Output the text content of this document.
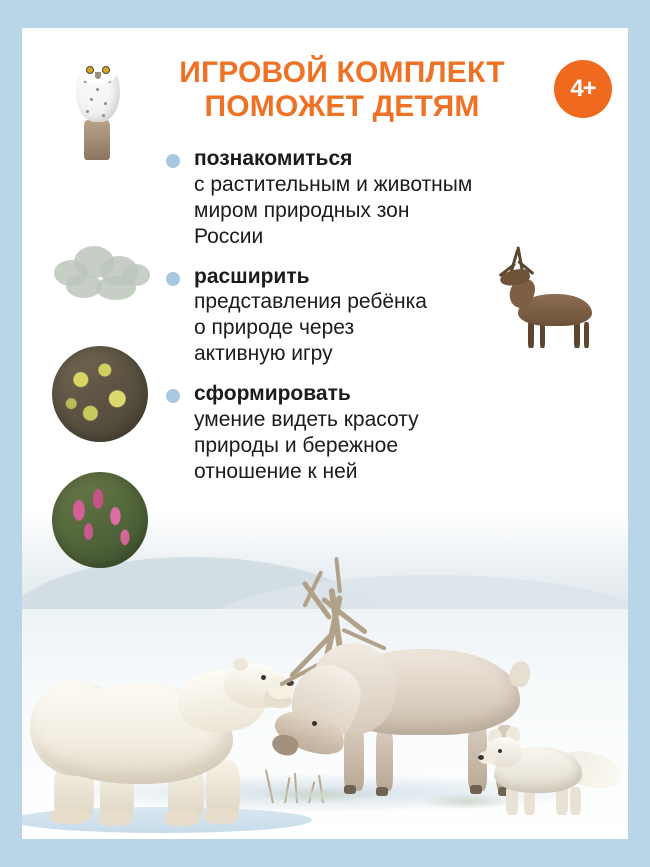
ИГРОВОЙ КОМПЛЕКТ
ПОМОЖЕТ ДЕТЯМ
4+
познакомиться
с растительным и животным
миром природных зон
России
расширить
представления ребёнка
о природе через
активную игру
сформировать
умение видеть красоту
природы и бережное
отношение к ней
